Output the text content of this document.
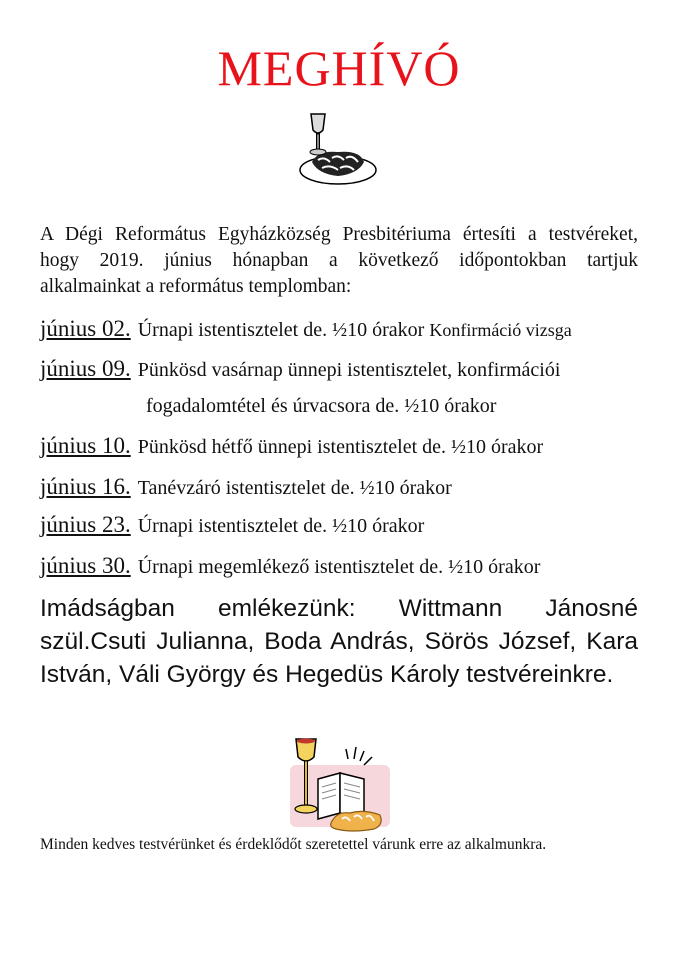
MEGHÍVÓ
A Dégi Református Egyházközség Presbitériuma értesíti a testvéreket,
hogy 2019. június hónapban a következő időpontokban tartjuk
alkalmainkat a református templomban:
június 02. Úrnapi istentisztelet de. ½10 órakor Konfirmáció vizsga
június 09. Pünkösd vasárnap ünnepi istentisztelet, konfirmációi
fogadalomtétel és úrvacsora de. ½10 órakor
június 10. Pünkösd hétfő ünnepi istentisztelet de. ½10 órakor
június 16. Tanévzáró istentisztelet de. ½10 órakor
június 23. Úrnapi istentisztelet de. ½10 órakor
június 30. Úrnapi megemlékező istentisztelet de. ½10 órakor
Imádságban emlékezünk: Wittmann Jánosné
szül.Csuti Julianna, Boda András, Sörös József, Kara
István, Váli György és Hegedüs Károly testvéreinkre.
Minden kedves testvérünket és érdeklődőt szeretettel várunk erre az alkalmunkra.
